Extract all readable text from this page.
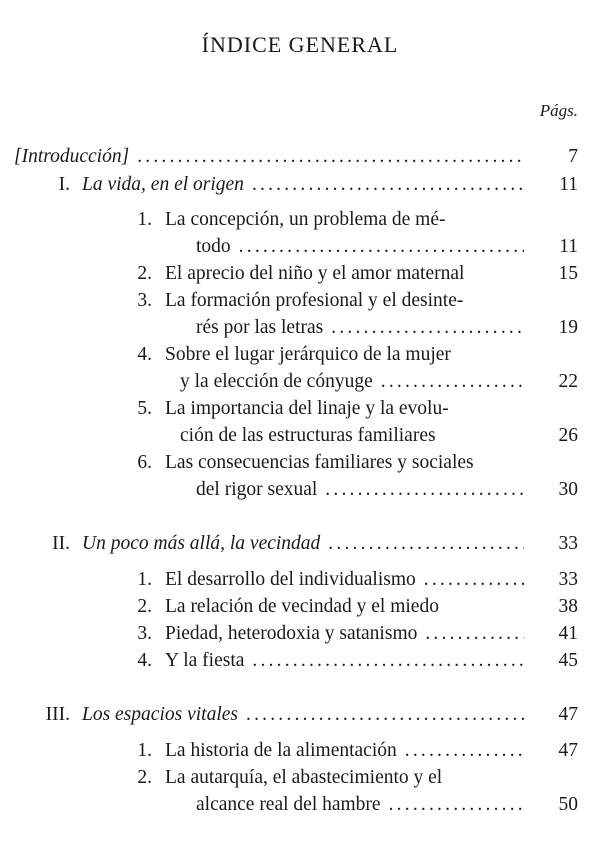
ÍNDICE GENERAL
Págs.
[Introducción] .....	7
I. La vida, en el origen .....	11
1. La concepción, un problema de mé-
todo .....	11
2. El aprecio del niño y el amor maternal	15
3. La formación profesional y el desinte-
rés por las letras .....	19
4. Sobre el lugar jerárquico de la mujer
y la elección de cónyuge .....	22
5. La importancia del linaje y la evolu-
ción de las estructuras familiares	26
6. Las consecuencias familiares y sociales
del rigor sexual .....	30
II. Un poco más allá, la vecindad .....	33
1. El desarrollo del individualismo .....	33
2. La relación de vecindad y el miedo	38
3. Piedad, heterodoxia y satanismo .....	41
4. Y la fiesta .....	45
III. Los espacios vitales .....	47
1. La historia de la alimentación .....	47
2. La autarquía, el abastecimiento y el
alcance real del hambre .....	50
